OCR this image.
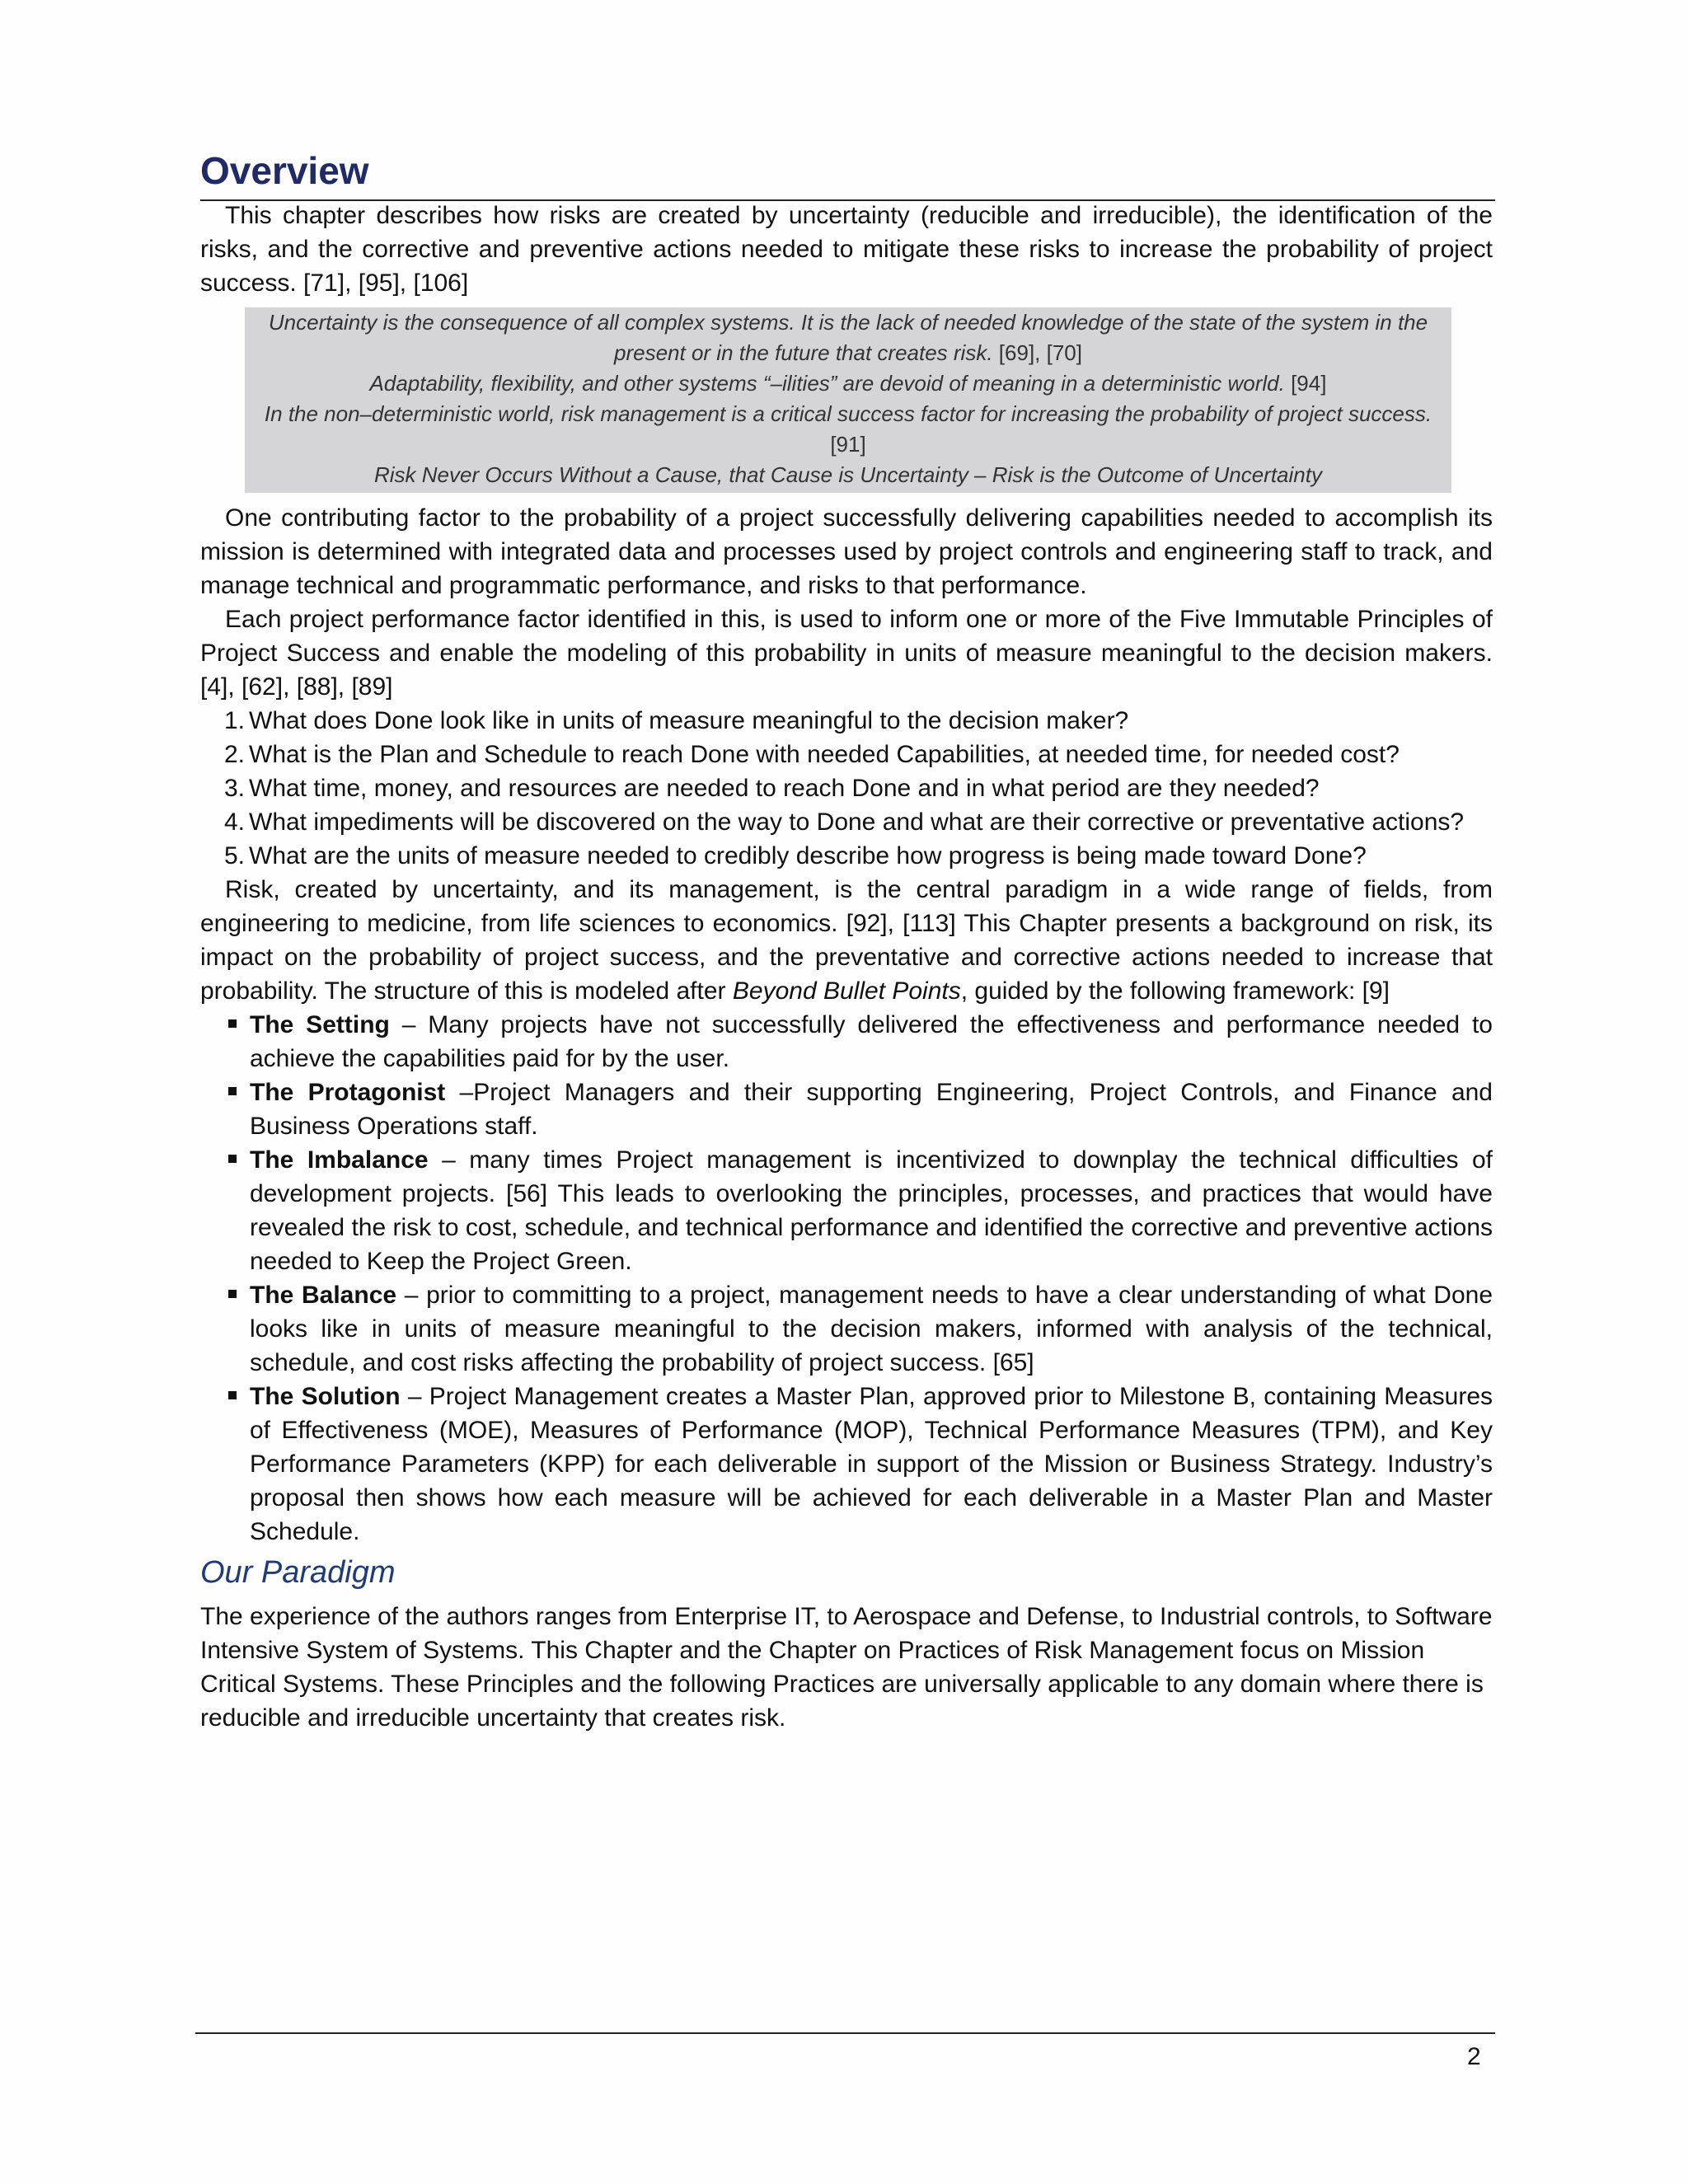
Overview

This chapter describes how risks are created by uncertainty (reducible and irreducible), the identification of the risks, and the corrective and preventive actions needed to mitigate these risks to increase the probability of project success. [71], [95], [106]

Uncertainty is the consequence of all complex systems. It is the lack of needed knowledge of the state of the system in the present or in the future that creates risk. [69], [70]
Adaptability, flexibility, and other systems “–ilities” are devoid of meaning in a deterministic world. [94]
In the non–deterministic world, risk management is a critical success factor for increasing the probability of project success. [91]
Risk Never Occurs Without a Cause, that Cause is Uncertainty – Risk is the Outcome of Uncertainty

One contributing factor to the probability of a project successfully delivering capabilities needed to accomplish its mission is determined with integrated data and processes used by project controls and engineering staff to track, and manage technical and programmatic performance, and risks to that performance.

Each project performance factor identified in this, is used to inform one or more of the Five Immutable Principles of Project Success and enable the modeling of this probability in units of measure meaningful to the decision makers. [4], [62], [88], [89]

1. What does Done look like in units of measure meaningful to the decision maker?
2. What is the Plan and Schedule to reach Done with needed Capabilities, at needed time, for needed cost?
3. What time, money, and resources are needed to reach Done and in what period are they needed?
4. What impediments will be discovered on the way to Done and what are their corrective or preventative actions?
5. What are the units of measure needed to credibly describe how progress is being made toward Done?

Risk, created by uncertainty, and its management, is the central paradigm in a wide range of fields, from engineering to medicine, from life sciences to economics. [92], [113] This Chapter presents a background on risk, its impact on the probability of project success, and the preventative and corrective actions needed to increase that probability. The structure of this is modeled after Beyond Bullet Points, guided by the following framework: [9]

The Setting – Many projects have not successfully delivered the effectiveness and performance needed to achieve the capabilities paid for by the user.
The Protagonist –Project Managers and their supporting Engineering, Project Controls, and Finance and Business Operations staff.
The Imbalance – many times Project management is incentivized to downplay the technical difficulties of development projects. [56] This leads to overlooking the principles, processes, and practices that would have revealed the risk to cost, schedule, and technical performance and identified the corrective and preventive actions needed to Keep the Project Green.
The Balance – prior to committing to a project, management needs to have a clear understanding of what Done looks like in units of measure meaningful to the decision makers, informed with analysis of the technical, schedule, and cost risks affecting the probability of project success. [65]
The Solution – Project Management creates a Master Plan, approved prior to Milestone B, containing Measures of Effectiveness (MOE), Measures of Performance (MOP), Technical Performance Measures (TPM), and Key Performance Parameters (KPP) for each deliverable in support of the Mission or Business Strategy. Industry’s proposal then shows how each measure will be achieved for each deliverable in a Master Plan and Master Schedule.
Our Paradigm

The experience of the authors ranges from Enterprise IT, to Aerospace and Defense, to Industrial controls, to Software Intensive System of Systems. This Chapter and the Chapter on Practices of Risk Management focus on Mission Critical Systems. These Principles and the following Practices are universally applicable to any domain where there is reducible and irreducible uncertainty that creates risk.

2
